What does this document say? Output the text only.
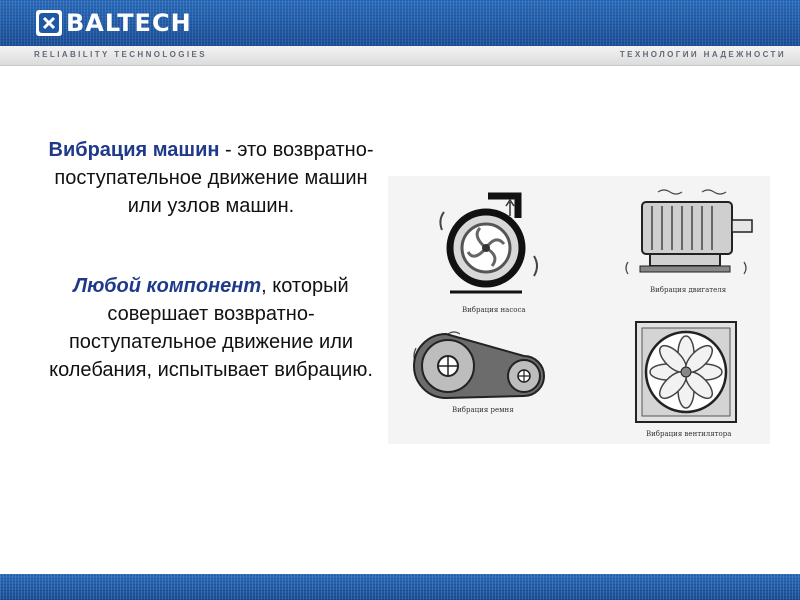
BALTECH
RELIABILITY TECHNOLOGIES	ТЕХНОЛОГИИ НАДЕЖНОСТИ

Вибрация машин - это возвратно-поступательное движение машин или узлов машин.

Любой компонент, который совершает возвратно-поступательное движение или колебания, испытывает вибрацию.

Вибрация насоса
Вибрация двигателя
Вибрация ремня
Вибрация вентилятора
